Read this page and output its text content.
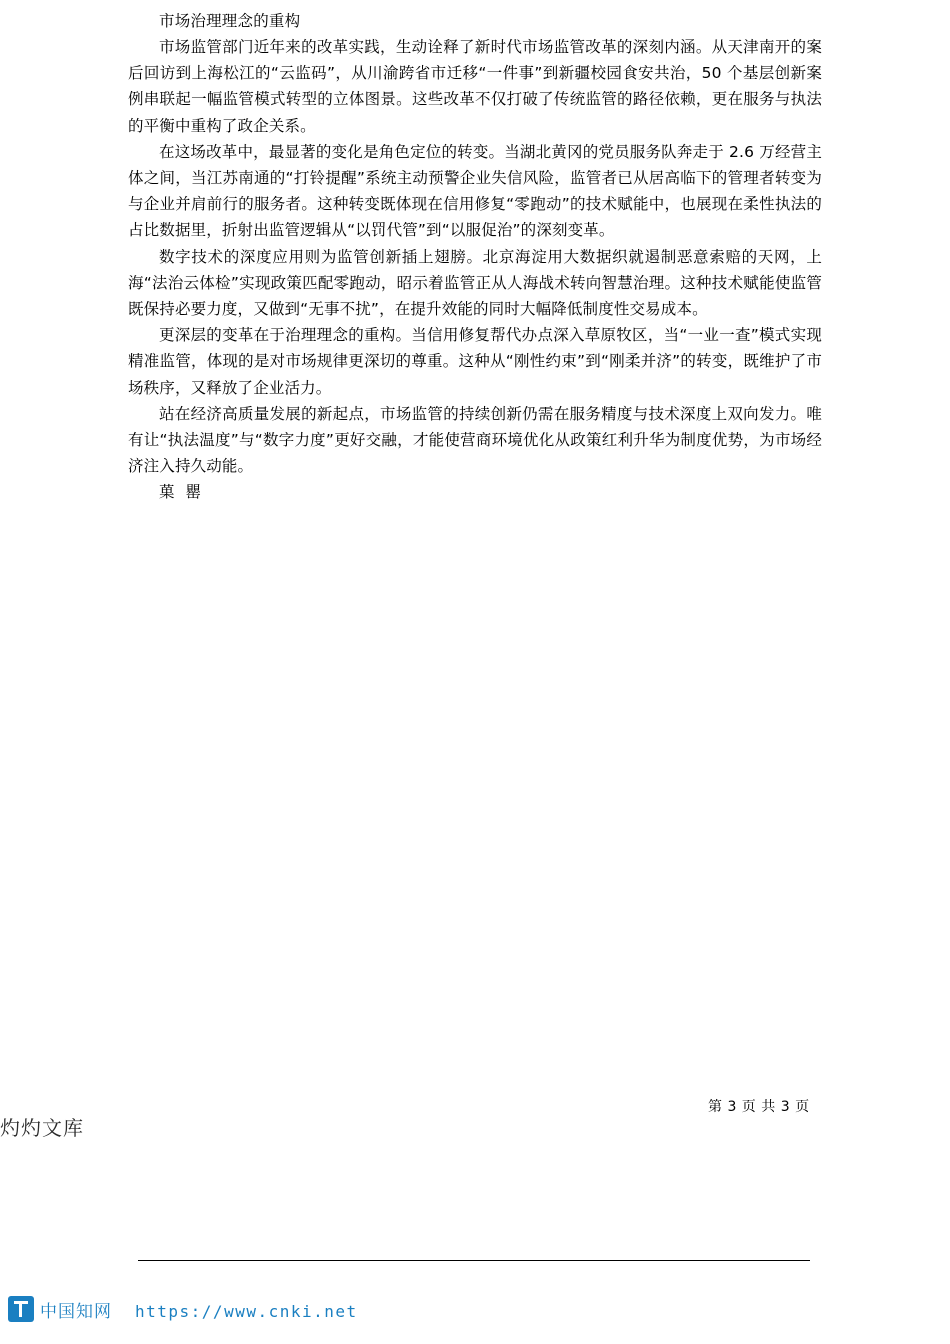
市场治理理念的重构

市场监管部门近年来的改革实践，生动诠释了新时代市场监管改革的深刻内涵。从天津南开的案后回访到上海松江的“云监码”，从川渝跨省市迁移“一件事”到新疆校园食安共治，50 个基层创新案例串联起一幅监管模式转型的立体图景。这些改革不仅打破了传统监管的路径依赖，更在服务与执法的平衡中重构了政企关系。

在这场改革中，最显著的变化是角色定位的转变。当湖北黄冈的党员服务队奔走于 2.6 万经营主体之间，当江苏南通的“打铃提醒”系统主动预警企业失信风险，监管者已从居高临下的管理者转变为与企业并肩前行的服务者。这种转变既体现在信用修复“零跑动”的技术赋能中，也展现在柔性执法的占比数据里，折射出监管逻辑从“以罚代管”到“以服促治”的深刻变革。

数字技术的深度应用则为监管创新插上翅膀。北京海淀用大数据织就遏制恶意索赔的天网，上海“法治云体检”实现政策匹配零跑动，昭示着监管正从人海战术转向智慧治理。这种技术赋能使监管既保持必要力度，又做到“无事不扰”，在提升效能的同时大幅降低制度性交易成本。

更深层的变革在于治理理念的重构。当信用修复帮代办点深入草原牧区，当“一业一查”模式实现精准监管，体现的是对市场规律更深切的尊重。这种从“刚性约束”到“刚柔并济”的转变，既维护了市场秩序，又释放了企业活力。

站在经济高质量发展的新起点，市场监管的持续创新仍需在服务精度与技术深度上双向发力。唯有让“执法温度”与“数字力度”更好交融，才能使营商环境优化从政策红利升华为制度优势，为市场经济注入持久动能。

菓 罌

第 3 页 共 3 页
灼灼文库
中国知网 https://www.cnki.net
